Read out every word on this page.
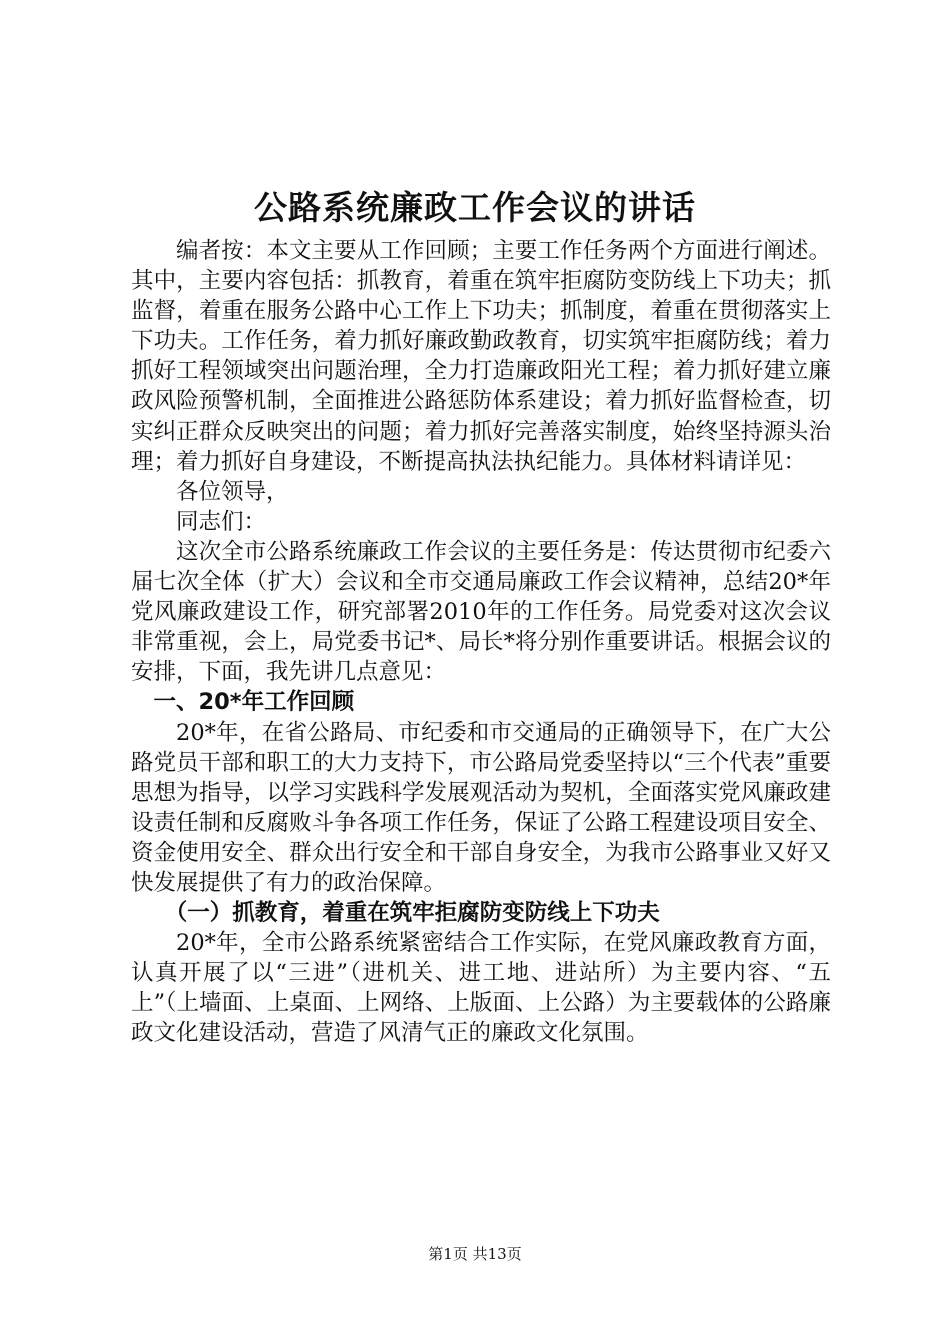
公路系统廉政工作会议的讲话

编者按：本文主要从工作回顾；主要工作任务两个方面进行阐述。其中，主要内容包括：抓教育，着重在筑牢拒腐防变防线上下功夫；抓监督，着重在服务公路中心工作上下功夫；抓制度，着重在贯彻落实上下功夫。工作任务，着力抓好廉政勤政教育，切实筑牢拒腐防线；着力抓好工程领域突出问题治理，全力打造廉政阳光工程；着力抓好建立廉政风险预警机制，全面推进公路惩防体系建设；着力抓好监督检查，切实纠正群众反映突出的问题；着力抓好完善落实制度，始终坚持源头治理；着力抓好自身建设，不断提高执法执纪能力。具体材料请详见：

各位领导，

同志们：

这次全市公路系统廉政工作会议的主要任务是：传达贯彻市纪委六届七次全体（扩大）会议和全市交通局廉政工作会议精神，总结20*年党风廉政建设工作，研究部署2010年的工作任务。局党委对这次会议非常重视，会上，局党委书记*、局长*将分别作重要讲话。根据会议的安排，下面，我先讲几点意见：

一、20*年工作回顾

20*年，在省公路局、市纪委和市交通局的正确领导下，在广大公路党员干部和职工的大力支持下，市公路局党委坚持以“三个代表”重要思想为指导，以学习实践科学发展观活动为契机，全面落实党风廉政建设责任制和反腐败斗争各项工作任务，保证了公路工程建设项目安全、资金使用安全、群众出行安全和干部自身安全，为我市公路事业又好又快发展提供了有力的政治保障。

（一）抓教育，着重在筑牢拒腐防变防线上下功夫

20*年，全市公路系统紧密结合工作实际，在党风廉政教育方面，认真开展了以“三进”（进机关、进工地、进站所）为主要内容、“五上”（上墙面、上桌面、上网络、上版面、上公路）为主要载体的公路廉政文化建设活动，营造了风清气正的廉政文化氛围。

第1页 共13页
